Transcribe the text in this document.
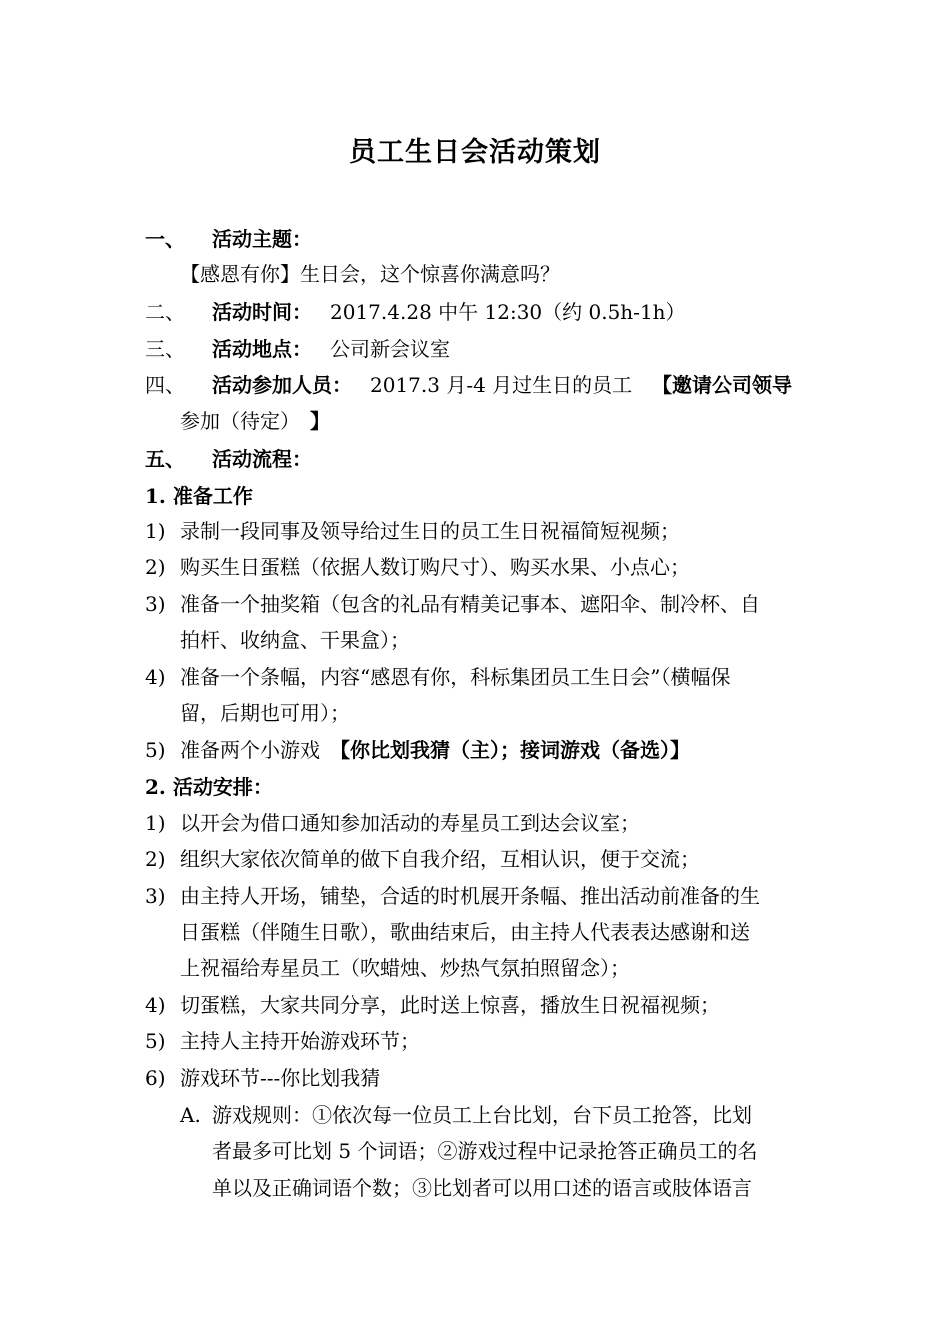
员工生日会活动策划
一、 活动主题：
【感恩有你】生日会，这个惊喜你满意吗？
二、 活动时间： 2017.4.28 中午 12:30（约 0.5h-1h）
三、 活动地点： 公司新会议室
四、 活动参加人员： 2017.3 月-4 月过生日的员工 【邀请公司领导
参加（待定） 】
五、 活动流程：
1. 准备工作
1) 录制一段同事及领导给过生日的员工生日祝福简短视频；
2) 购买生日蛋糕（依据人数订购尺寸）、购买水果、小点心；
3) 准备一个抽奖箱（包含的礼品有精美记事本、遮阳伞、制冷杯、自
拍杆、收纳盒、干果盒）；
4) 准备一个条幅，内容“感恩有你，科标集团员工生日会”（横幅保
留，后期也可用）；
5) 准备两个小游戏 【你比划我猜（主）；接词游戏（备选）】
2. 活动安排：
1) 以开会为借口通知参加活动的寿星员工到达会议室；
2) 组织大家依次简单的做下自我介绍，互相认识，便于交流；
3) 由主持人开场，铺垫，合适的时机展开条幅、推出活动前准备的生
日蛋糕（伴随生日歌），歌曲结束后，由主持人代表表达感谢和送
上祝福给寿星员工（吹蜡烛、炒热气氛拍照留念）；
4) 切蛋糕，大家共同分享，此时送上惊喜，播放生日祝福视频；
5) 主持人主持开始游戏环节；
6) 游戏环节---你比划我猜
A. 游戏规则：①依次每一位员工上台比划，台下员工抢答，比划
者最多可比划 5 个词语；②游戏过程中记录抢答正确员工的名
单以及正确词语个数；③比划者可以用口述的语言或肢体语言
